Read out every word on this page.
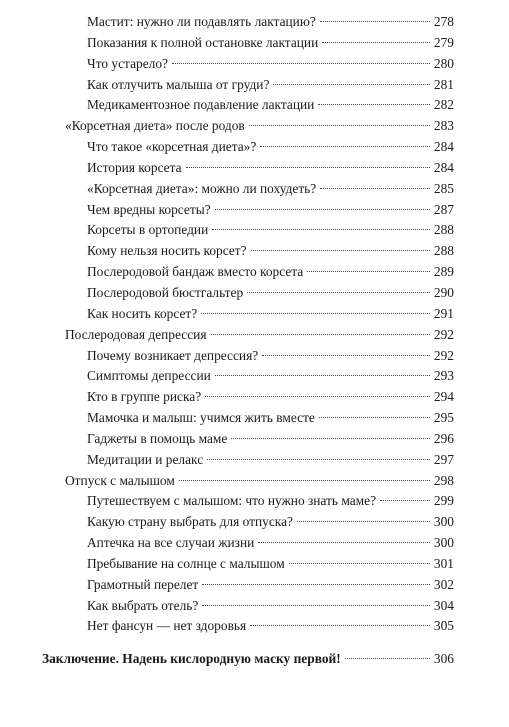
Мастит: нужно ли подавлять лактацию?	278
Показания к полной остановке лактации	279
Что устарело?	280
Как отлучить малыша от груди?	281
Медикаментозное подавление лактации	282
«Корсетная диета» после родов	283
Что такое «корсетная диета»?	284
История корсета	284
«Корсетная диета»: можно ли похудеть?	285
Чем вредны корсеты?	287
Корсеты в ортопедии	288
Кому нельзя носить корсет?	288
Послеродовой бандаж вместо корсета	289
Послеродовой бюстгальтер	290
Как носить корсет?	291
Послеродовая депрессия	292
Почему возникает депрессия?	292
Симптомы депрессии	293
Кто в группе риска?	294
Мамочка и малыш: учимся жить вместе	295
Гаджеты в помощь маме	296
Медитации и релакс	297
Отпуск с малышом	298
Путешествуем с малышом: что нужно знать маме?	299
Какую страну выбрать для отпуска?	300
Аптечка на все случаи жизни	300
Пребывание на солнце с малышом	301
Грамотный перелет	302
Как выбрать отель?	304
Нет фансун — нет здоровья	305
Заключение. Надень кислородную маску первой!	306
